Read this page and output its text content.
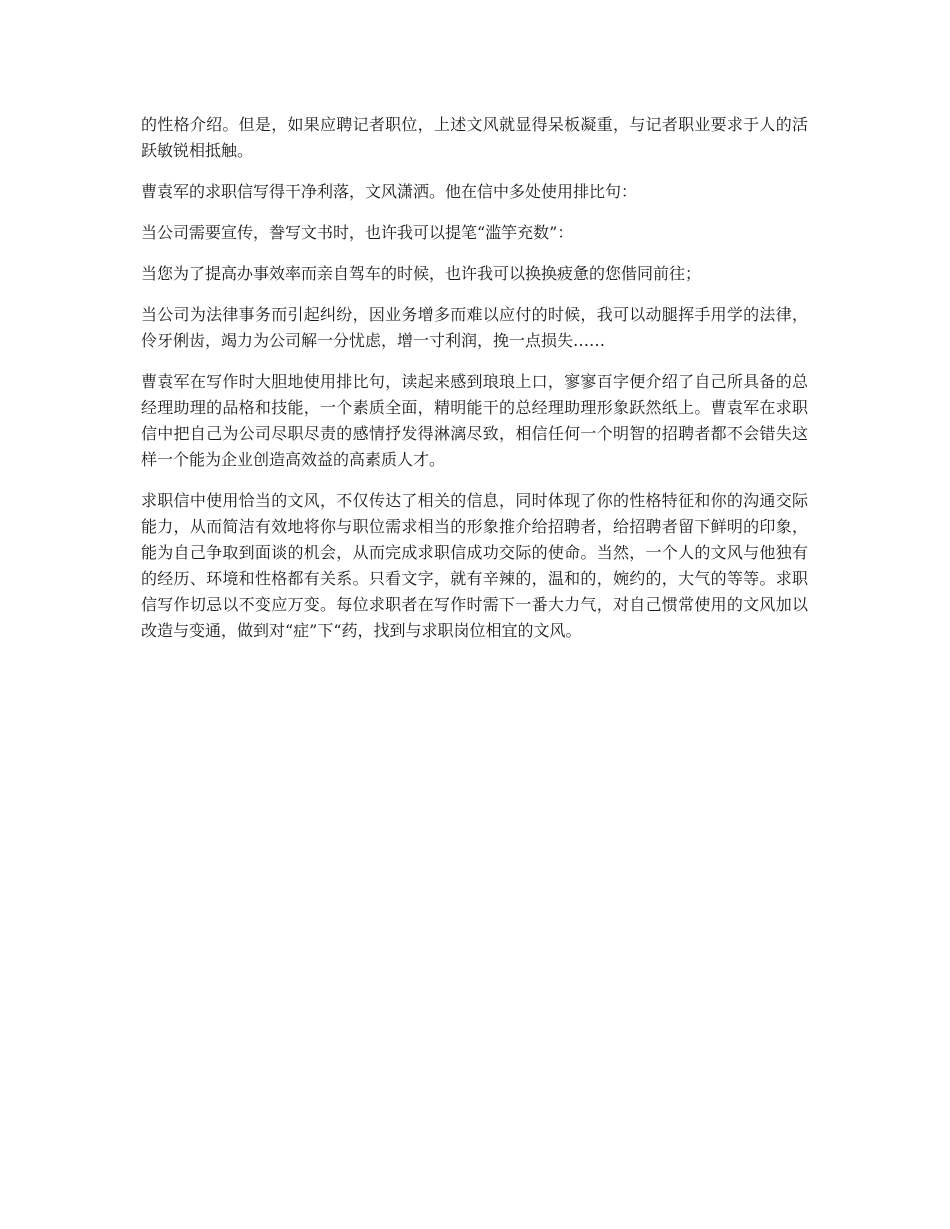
的性格介绍。但是，如果应聘记者职位，上述文风就显得呆板凝重，与记者职业要求于人的活跃敏锐相抵触。

曹袁军的求职信写得干净利落，文风潇洒。他在信中多处使用排比句：

当公司需要宣传，誊写文书时，也许我可以提笔“滥竽充数”：

当您为了提高办事效率而亲自驾车的时候，也许我可以换换疲惫的您偕同前往；

当公司为法律事务而引起纠纷，因业务增多而难以应付的时候，我可以动腿挥手用学的法律，伶牙俐齿，竭力为公司解一分忧虑，增一寸利润，挽一点损失……

曹袁军在写作时大胆地使用排比句，读起来感到琅琅上口，寥寥百字便介绍了自己所具备的总经理助理的品格和技能，一个素质全面，精明能干的总经理助理形象跃然纸上。曹袁军在求职信中把自己为公司尽职尽责的感情抒发得淋漓尽致，相信任何一个明智的招聘者都不会错失这样一个能为企业创造高效益的高素质人才。

求职信中使用恰当的文风，不仅传达了相关的信息，同时体现了你的性格特征和你的沟通交际能力，从而简洁有效地将你与职位需求相当的形象推介给招聘者，给招聘者留下鲜明的印象，能为自己争取到面谈的机会，从而完成求职信成功交际的使命。当然，一个人的文风与他独有的经历、环境和性格都有关系。只看文字，就有辛辣的，温和的，婉约的，大气的等等。求职信写作切忌以不变应万变。每位求职者在写作时需下一番大力气，对自己惯常使用的文风加以改造与变通，做到对“症”下“药，找到与求职岗位相宜的文风。
